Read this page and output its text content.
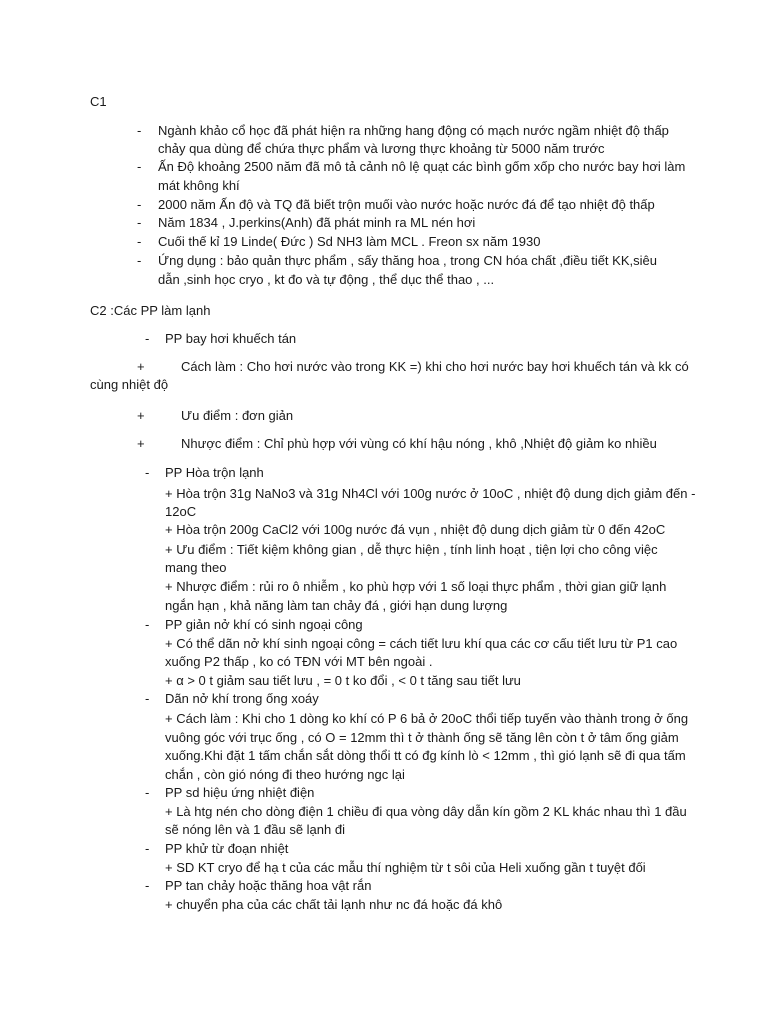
C1
- Ngành khảo cổ học đã phát hiện ra những hang động có mạch nước ngầm nhiệt độ thấp
chảy qua dùng để chứa thực phẩm và lương thực khoảng từ 5000 năm trước
- Ấn Độ khoảng 2500 năm đã mô tả cảnh nô lệ quạt các bình gốm xốp cho nước bay hơi làm
mát không khí
- 2000 năm Ấn độ và TQ đã biết trộn muối vào nước hoặc nước đá để tạo nhiệt độ thấp
- Năm 1834 , J.perkins(Anh) đã phát minh ra ML nén hơi
- Cuối thế kỉ 19 Linde( Đức ) Sd NH3 làm MCL . Freon sx năm 1930
- Ứng dụng : bảo quản thực phẩm , sấy thăng hoa , trong CN hóa chất ,điều tiết KK,siêu
dẫn ,sinh học cryo , kt đo và tự động , thể dục thể thao , ...
C2 :Các PP làm lạnh
- PP bay hơi khuếch tán
+	Cách làm : Cho hơi nước vào trong KK =) khi cho hơi nước bay hơi khuếch tán và kk có
cùng nhiệt độ
+	Ưu điểm : đơn giản
+	Nhược điểm : Chỉ phù hợp với vùng có khí hậu nóng , khô ,Nhiệt độ giảm ko nhiều
- PP Hòa trộn lạnh
+ Hòa trộn 31g NaNo3 và 31g Nh4Cl với 100g nước ở 10oC , nhiệt độ dung dịch giảm đến -
12oC
+ Hòa trộn 200g CaCl2 với 100g nước đá vụn , nhiệt độ dung dịch giảm từ 0 đến 42oC
+ Ưu điểm : Tiết kiệm không gian , dễ thực hiện , tính linh hoạt , tiện lợi cho công việc
mang theo
+ Nhược điểm : rủi ro ô nhiễm , ko phù hợp với 1 số loại thực phẩm , thời gian giữ lạnh
ngắn hạn , khả năng làm tan chảy đá , giới hạn dung lượng
- PP giản nở khí có sinh ngoại công
+ Có thể dãn nở khí sinh ngoại công = cách tiết lưu khí qua các cơ cấu tiết lưu từ P1 cao
xuống P2 thấp , ko có TĐN với MT bên ngoài .
+ α > 0 t giảm sau tiết lưu , = 0 t ko đổi , < 0 t tăng sau tiết lưu
- Dãn nở khí trong ống xoáy
+ Cách làm : Khi cho 1 dòng ko khí có P 6 bả ở 20oC thổi tiếp tuyến vào thành trong ở ống
vuông góc với trục ống , có O = 12mm thì t ở thành ống sẽ tăng lên còn t ở tâm ống giảm
xuống.Khi đặt 1 tấm chắn sắt dòng thổi tt có đg kính lò < 12mm , thì gió lạnh sẽ đi qua tấm
chắn , còn gió nóng đi theo hướng ngc lại
- PP sd hiệu ứng nhiệt điện
+ Là htg nén cho dòng điện 1 chiều đi qua vòng dây dẫn kín gồm 2 KL khác nhau thì 1 đầu
sẽ nóng lên và 1 đầu sẽ lạnh đi
- PP khử từ đoạn nhiệt
+ SD KT cryo để hạ t của các mẫu thí nghiệm từ t sôi của Heli xuống gần t tuyệt đối
- PP tan chảy hoặc thăng hoa vật rắn
+ chuyển pha của các chất tải lạnh như nc đá hoặc đá khô
